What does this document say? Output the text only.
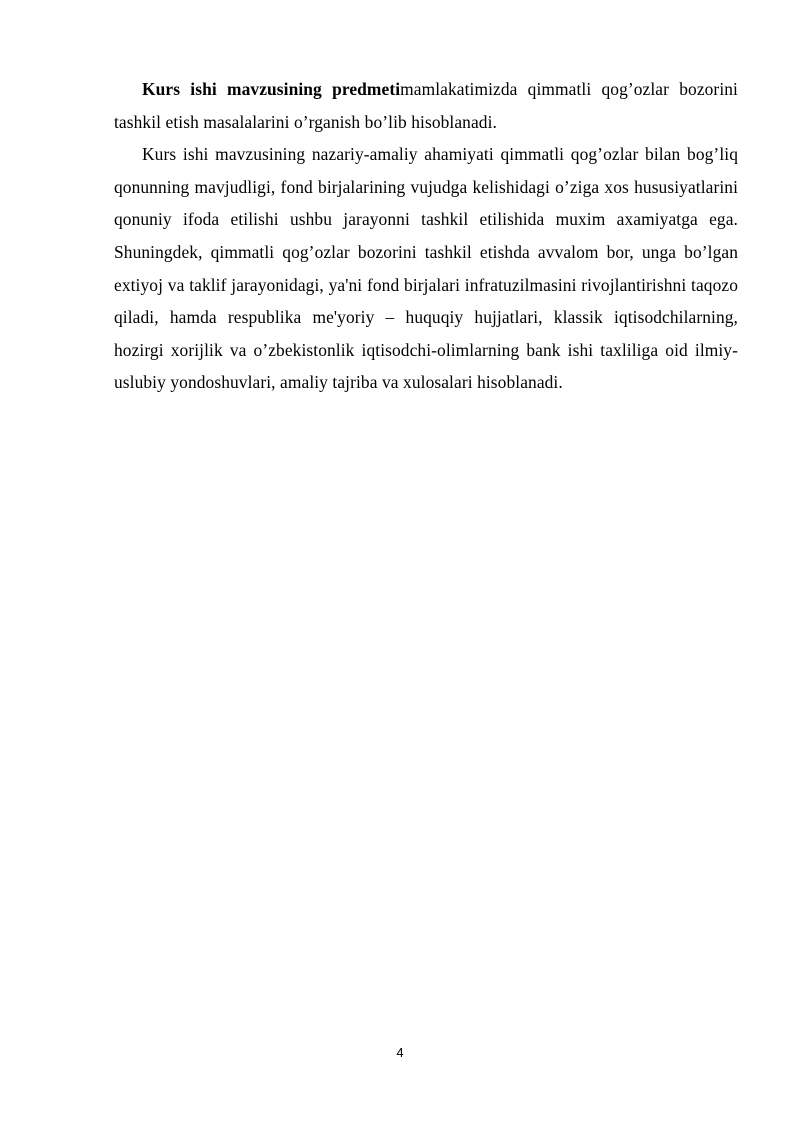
Kurs ishi mavzusining predmetimamlakatimizda qimmatli qog’ozlar bozorini tashkil etish masalalarini o’rganish bo’lib hisoblanadi.

Kurs ishi mavzusining nazariy-amaliy ahamiyati qimmatli qog’ozlar bilan bog’liq qonunning mavjudligi, fond birjalarining vujudga kelishidagi o’ziga xos hususiyatlarini qonuniy ifoda etilishi ushbu jarayonni tashkil etilishida muxim axamiyatga ega. Shuningdek, qimmatli qog’ozlar bozorini tashkil etishda avvalom bor, unga bo’lgan extiyoj va taklif jarayonidagi, ya'ni fond birjalari infratuzilmasini rivojlantirishni taqozo qiladi, hamda respublika me'yoriy – huquqiy hujjatlari, klassik iqtisodchilarning, hozirgi xorijlik va o’zbekistonlik iqtisodchi-olimlarning bank ishi taxliliga oid ilmiy-uslubiy yondoshuvlari, amaliy tajriba va xulosalari hisoblanadi.

4
